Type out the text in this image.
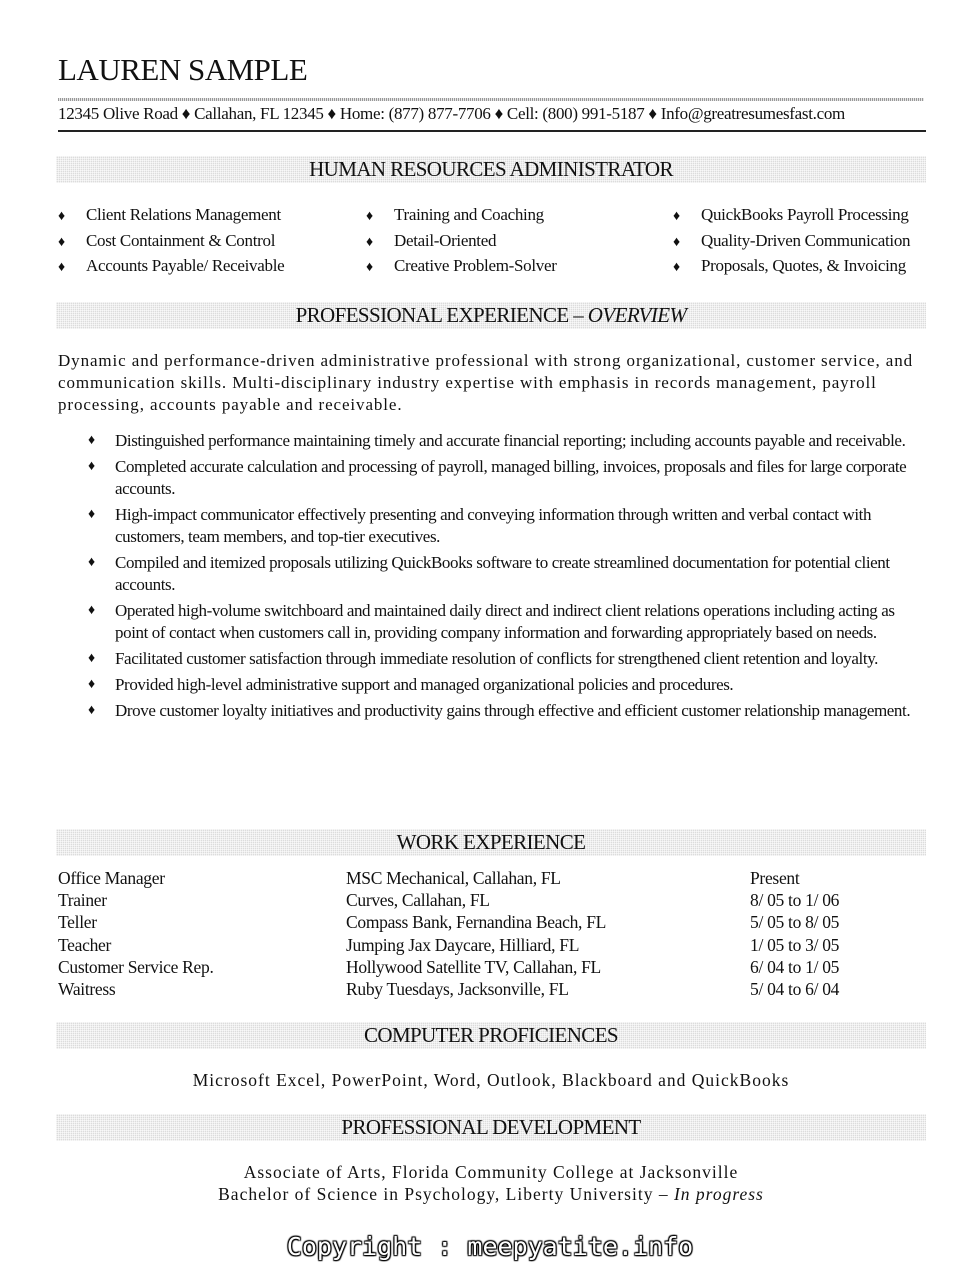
LAUREN SAMPLE
12345 Olive Road ♦ Callahan, FL 12345 ♦ Home: (877) 877-7706 ♦ Cell: (800) 991-5187 ♦ Info@greatresumesfast.com
HUMAN RESOURCES ADMINISTRATOR
♦ Client Relations Management
♦ Cost Containment & Control
♦ Accounts Payable/ Receivable
♦ Training and Coaching
♦ Detail-Oriented
♦ Creative Problem-Solver
♦ QuickBooks Payroll Processing
♦ Quality-Driven Communication
♦ Proposals, Quotes, & Invoicing
PROFESSIONAL EXPERIENCE – OVERVIEW
Dynamic and performance-driven administrative professional with strong organizational, customer service, and communication skills. Multi-disciplinary industry expertise with emphasis in records management, payroll processing, accounts payable and receivable.
♦ Distinguished performance maintaining timely and accurate financial reporting; including accounts payable and receivable.
♦ Completed accurate calculation and processing of payroll, managed billing, invoices, proposals and files for large corporate accounts.
♦ High-impact communicator effectively presenting and conveying information through written and verbal contact with customers, team members, and top-tier executives.
♦ Compiled and itemized proposals utilizing QuickBooks software to create streamlined documentation for potential client accounts.
♦ Operated high-volume switchboard and maintained daily direct and indirect client relations operations including acting as point of contact when customers call in, providing company information and forwarding appropriately based on needs.
♦ Facilitated customer satisfaction through immediate resolution of conflicts for strengthened client retention and loyalty.
♦ Provided high-level administrative support and managed organizational policies and procedures.
♦ Drove customer loyalty initiatives and productivity gains through effective and efficient customer relationship management.
WORK EXPERIENCE
Office Manager	MSC Mechanical, Callahan, FL	Present
Trainer	Curves, Callahan, FL	8/ 05 to 1/ 06
Teller	Compass Bank, Fernandina Beach, FL	5/ 05 to 8/ 05
Teacher	Jumping Jax Daycare, Hilliard, FL	1/ 05 to 3/ 05
Customer Service Rep.	Hollywood Satellite TV, Callahan, FL	6/ 04 to 1/ 05
Waitress	Ruby Tuesdays, Jacksonville, FL	5/ 04 to 6/ 04
COMPUTER PROFICIENCES
Microsoft Excel, PowerPoint, Word, Outlook, Blackboard and QuickBooks
PROFESSIONAL DEVELOPMENT
Associate of Arts, Florida Community College at Jacksonville
Bachelor of Science in Psychology, Liberty University – In progress
Copyright : meepyatite.info
